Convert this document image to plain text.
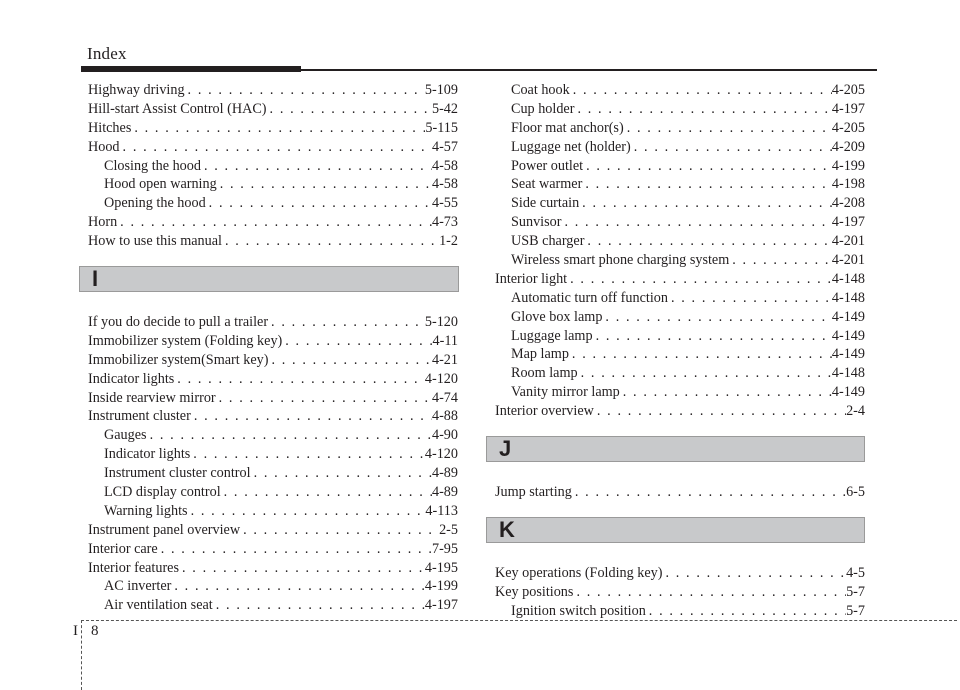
Index
Highway driving . . .	5-109
Hill-start Assist Control (HAC) . . .	5-42
Hitches . . .	5-115
Hood . . .	4-57
Closing the hood . . .	4-58
Hood open warning . . .	4-58
Opening the hood . . .	4-55
Horn . . .	4-73
How to use this manual . . .	1-2
I
If you do decide to pull a trailer . . .	5-120
Immobilizer system (Folding key) . . .	4-11
Immobilizer system(Smart key) . . .	4-21
Indicator lights . . .	4-120
Inside rearview mirror . . .	4-74
Instrument cluster . . .	4-88
Gauges . . .	4-90
Indicator lights . . .	4-120
Instrument cluster control . . .	4-89
LCD display control . . .	4-89
Warning lights . . .	4-113
Instrument panel overview . . .	2-5
Interior care . . .	7-95
Interior features . . .	4-195
AC inverter . . .	4-199
Air ventilation seat . . .	4-197
Coat hook . . .	4-205
Cup holder . . .	4-197
Floor mat anchor(s) . . .	4-205
Luggage net (holder) . . .	4-209
Power outlet . . .	4-199
Seat warmer . . .	4-198
Side curtain . . .	4-208
Sunvisor . . .	4-197
USB charger . . .	4-201
Wireless smart phone charging system . . .	4-201
Interior light . . .	4-148
Automatic turn off function . . .	4-148
Glove box lamp . . .	4-149
Luggage lamp . . .	4-149
Map lamp . . .	4-149
Room lamp . . .	4-148
Vanity mirror lamp . . .	4-149
Interior overview . . .	2-4
J
Jump starting . . .	6-5
K
Key operations (Folding key) . . .	4-5
Key positions . . .	5-7
Ignition switch position . . .	5-7
I 8
